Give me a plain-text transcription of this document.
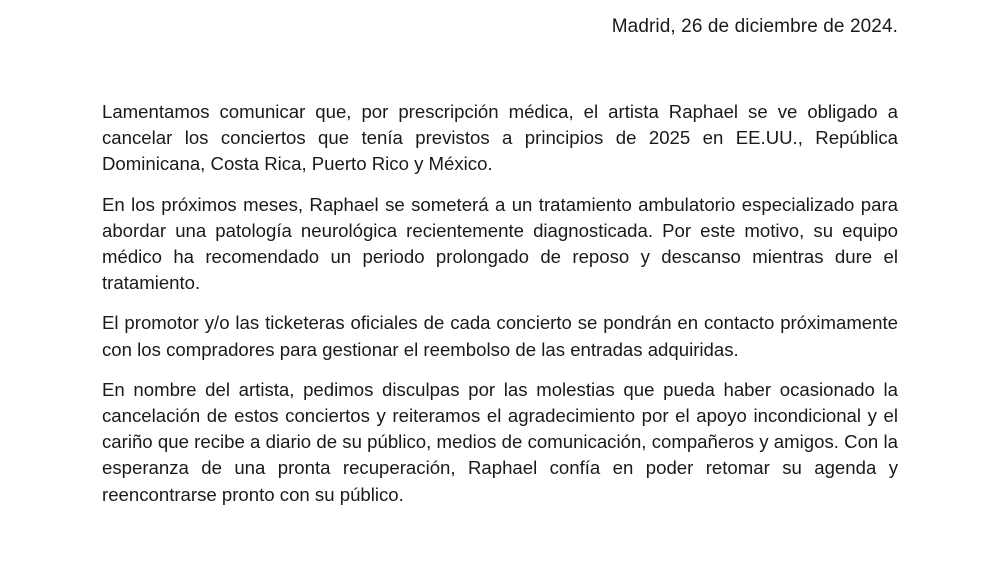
Madrid, 26 de diciembre de 2024.

Lamentamos comunicar que, por prescripción médica, el artista Raphael se ve obligado a cancelar los conciertos que tenía previstos a principios de 2025 en EE.UU., República Dominicana, Costa Rica, Puerto Rico y México.

En los próximos meses, Raphael se someterá a un tratamiento ambulatorio especializado para abordar una patología neurológica recientemente diagnosticada. Por este motivo, su equipo médico ha recomendado un periodo prolongado de reposo y descanso mientras dure el tratamiento.

El promotor y/o las ticketeras oficiales de cada concierto se pondrán en contacto próximamente con los compradores para gestionar el reembolso de las entradas adquiridas.

En nombre del artista, pedimos disculpas por las molestias que pueda haber ocasionado la cancelación de estos conciertos y reiteramos el agradecimiento por el apoyo incondicional y el cariño que recibe a diario de su público, medios de comunicación, compañeros y amigos. Con la esperanza de una pronta recuperación, Raphael confía en poder retomar su agenda y reencontrarse pronto con su público.
